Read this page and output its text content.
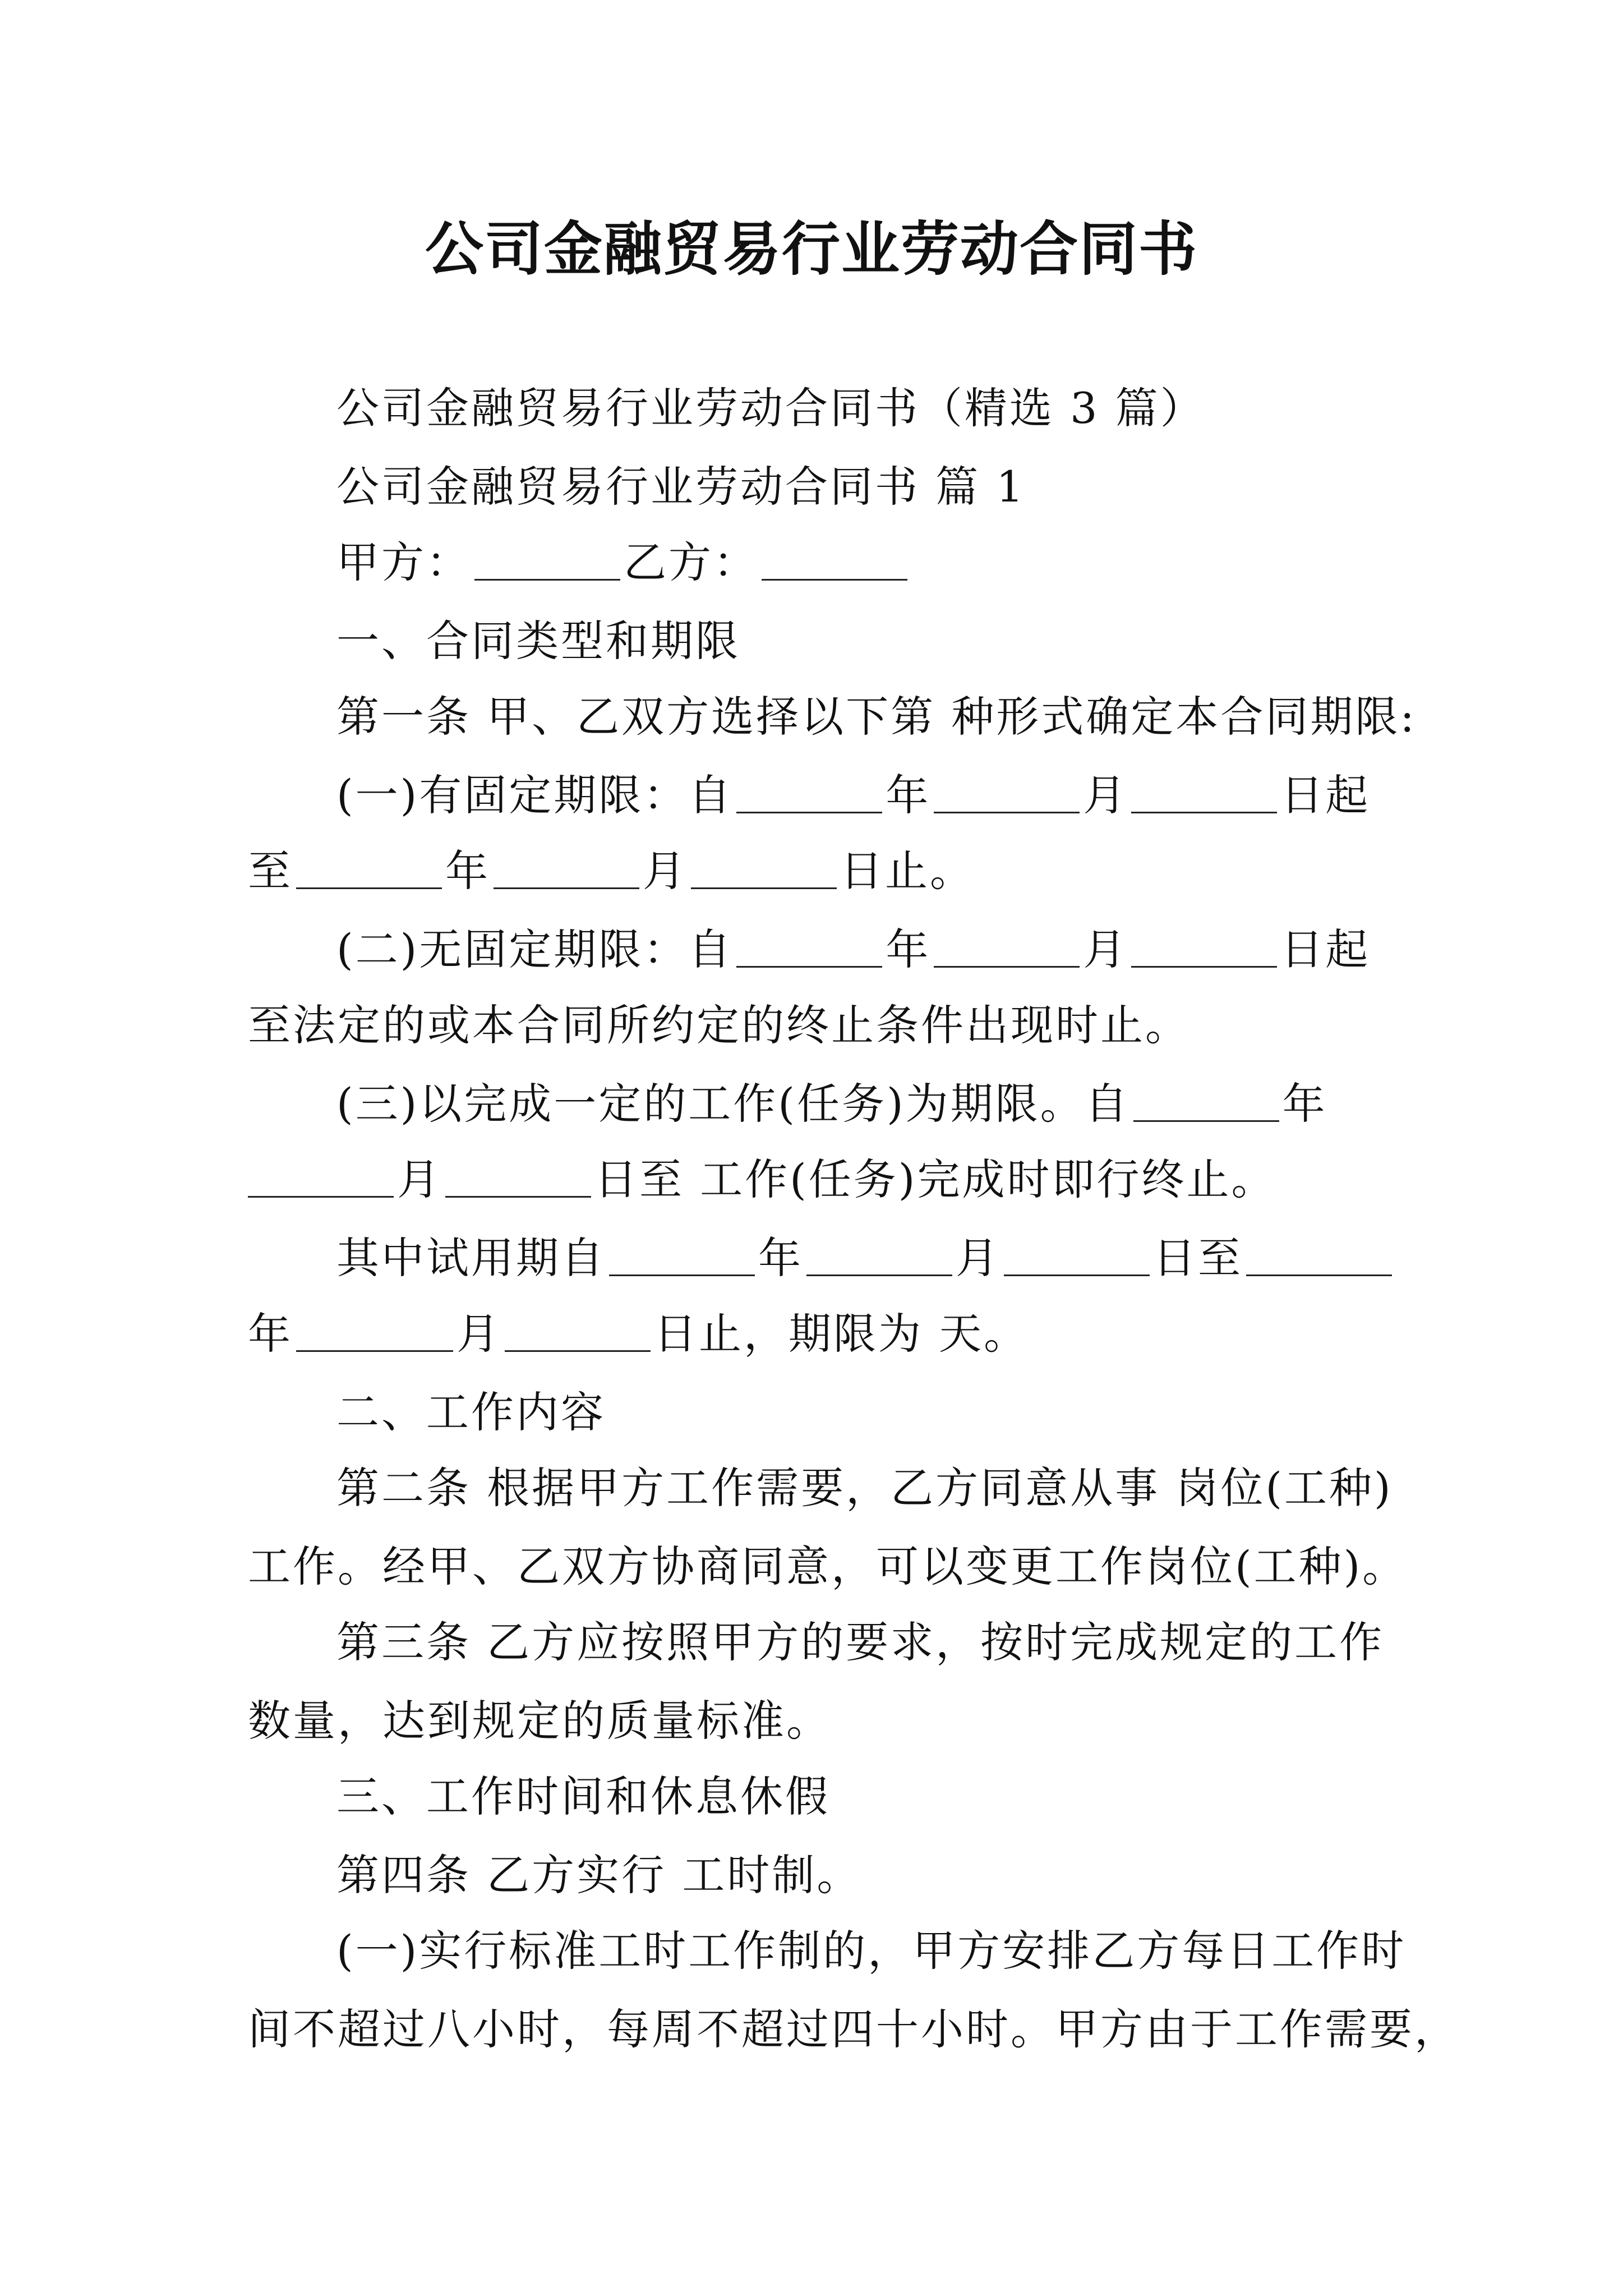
公司金融贸易行业劳动合同书
公司金融贸易行业劳动合同书（精选 3 篇）
公司金融贸易行业劳动合同书 篇 1
甲方：	乙方：
一、合同类型和期限
第一条 甲、乙双方选择以下第 种形式确定本合同期限:
(一)有固定期限：自	年	月	日起
至	年	月	日止。
(二)无固定期限：自	年	月	日起
至法定的或本合同所约定的终止条件出现时止。
(三)以完成一定的工作(任务)为期限。自	年
月	日至 工作(任务)完成时即行终止。
其中试用期自	年	月	日至
年	月	日止，期限为 天。
二、工作内容
第二条 根据甲方工作需要，乙方同意从事 岗位(工种)
工作。经甲、乙双方协商同意，可以变更工作岗位(工种)。
第三条 乙方应按照甲方的要求，按时完成规定的工作
数量，达到规定的质量标准。
三、工作时间和休息休假
第四条 乙方实行 工时制。
(一)实行标准工时工作制的，甲方安排乙方每日工作时
间不超过八小时，每周不超过四十小时。甲方由于工作需要，
